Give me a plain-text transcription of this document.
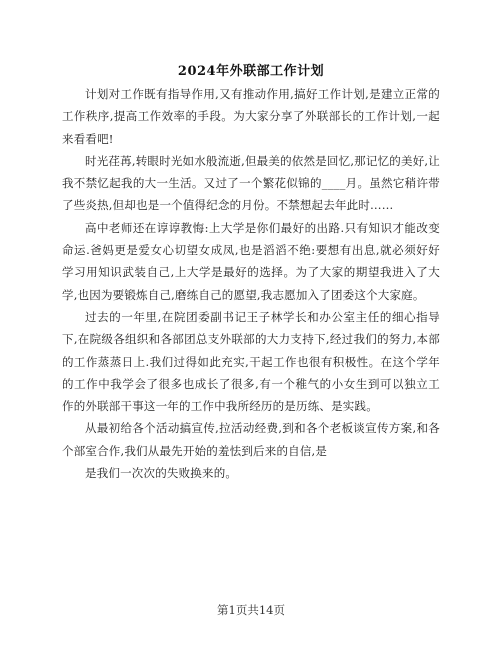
2024年外联部工作计划

计划对工作既有指导作用,又有推动作用,搞好工作计划,是建立正常的工作秩序,提高工作效率的手段。为大家分享了外联部长的工作计划,一起来看看吧!

时光荏苒,转眼时光如水般流逝,但最美的依然是回忆,那记忆的美好,让我不禁忆起我的大一生活。又过了一个繁花似锦的____月。虽然它稍许带了些炎热,但却也是一个值得纪念的月份。不禁想起去年此时……

高中老师还在谆谆教悔:上大学是你们最好的出路.只有知识才能改变命运.爸妈更是爱女心切望女成凤,也是滔滔不绝:要想有出息,就必须好好学习用知识武装自己,上大学是最好的选择。为了大家的期望我进入了大学,也因为要锻炼自己,磨练自己的愿望,我志愿加入了团委这个大家庭。

过去的一年里,在院团委副书记王子林学长和办公室主任的细心指导下,在院级各组织和各部团总支外联部的大力支持下,经过我们的努力,本部的工作蒸蒸日上.我们过得如此充实,干起工作也很有积极性。在这个学年的工作中我学会了很多也成长了很多,有一个稚气的小女生到可以独立工作的外联部干事这一年的工作中我所经历的是历练、是实践。

从最初给各个活动搞宣传,拉活动经费,到和各个老板谈宣传方案,和各个部室合作,我们从最先开始的羞怯到后来的自信,是

是我们一次次的失败换来的。

第1页共14页
